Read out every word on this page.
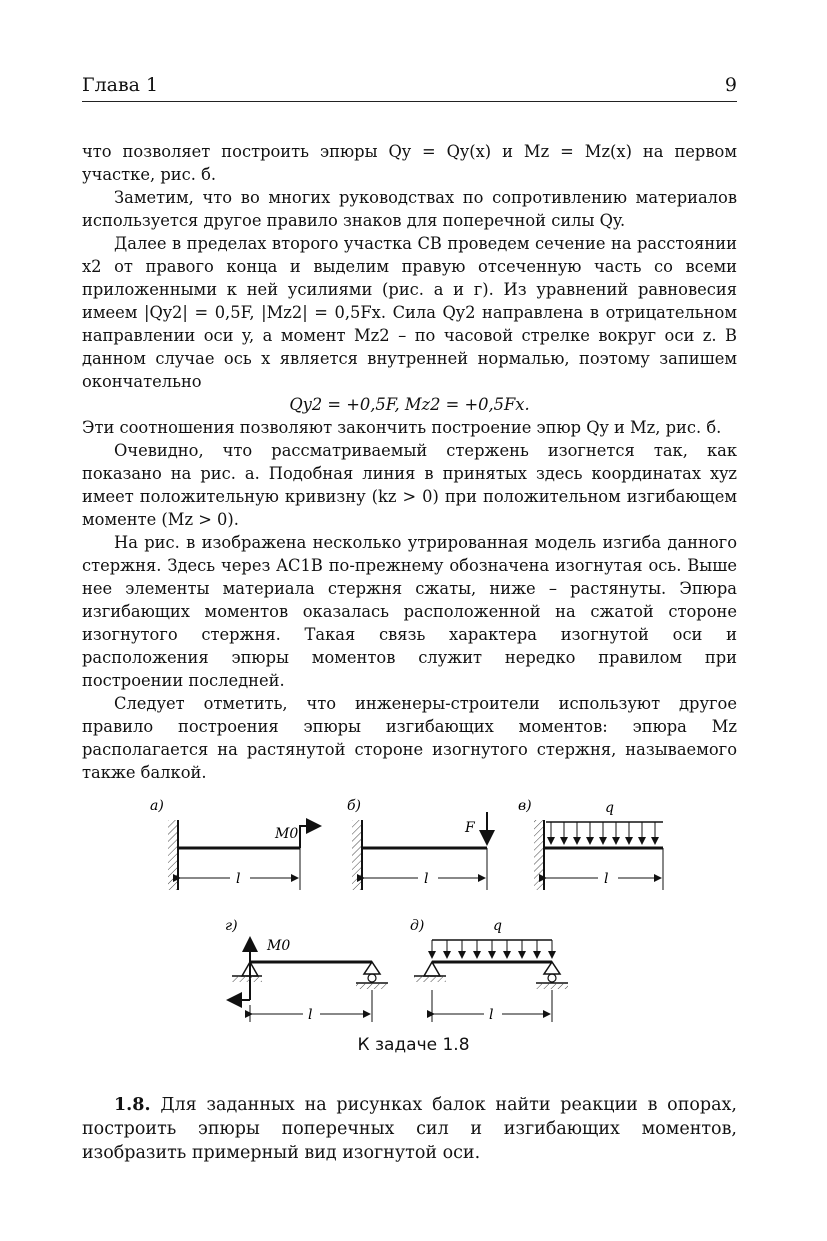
Глава 1	9

что позволяет построить эпюры Qy = Qy(x) и Mz = Mz(x) на первом участке, рис. б.

Заметим, что во многих руководствах по сопротивлению материалов используется другое правило знаков для поперечной силы Qy.

Далее в пределах второго участка CB проведем сечение на расстоянии x2 от правого конца и выделим правую отсеченную часть со всеми приложенными к ней усилиями (рис. а и г). Из уравнений равновесия имеем |Qy2| = 0,5F, |Mz2| = 0,5Fx. Сила Qy2 направлена в отрицательном направлении оси y, а момент Mz2 – по часовой стрелке вокруг оси z. В данном случае ось x является внутренней нормалью, поэтому запишем окончательно

Qy2 = +0,5F, Mz2 = +0,5Fx.

Эти соотношения позволяют закончить построение эпюр Qy и Mz, рис. б.

Очевидно, что рассматриваемый стержень изогнется так, как показано на рис. а. Подобная линия в принятых здесь координатах xyz имеет положительную кривизну (kz > 0) при положительном изгибающем моменте (Mz > 0).

На рис. в изображена несколько утрированная модель изгиба данного стержня. Здесь через AC1B по-прежнему обозначена изогнутая ось. Выше нее элементы материала стержня сжаты, ниже – растянуты. Эпюра изгибающих моментов оказалась расположенной на сжатой стороне изогнутого стержня. Такая связь характера изогнутой оси и расположения эпюры моментов служит нередко правилом при построении последней.

Следует отметить, что инженеры-строители используют другое правило построения эпюры изгибающих моментов: эпюра Mz располагается на растянутой стороне изогнутого стержня, называемого также балкой.

а)
M0
l
б)
F
l
в)	q
l
г)
M0
l
д)	q
l
К задаче 1.8
1.8. Для заданных на рисунках балок найти реакции в опорах, построить эпюры поперечных сил и изгибающих моментов, изобразить примерный вид изогнутой оси.
